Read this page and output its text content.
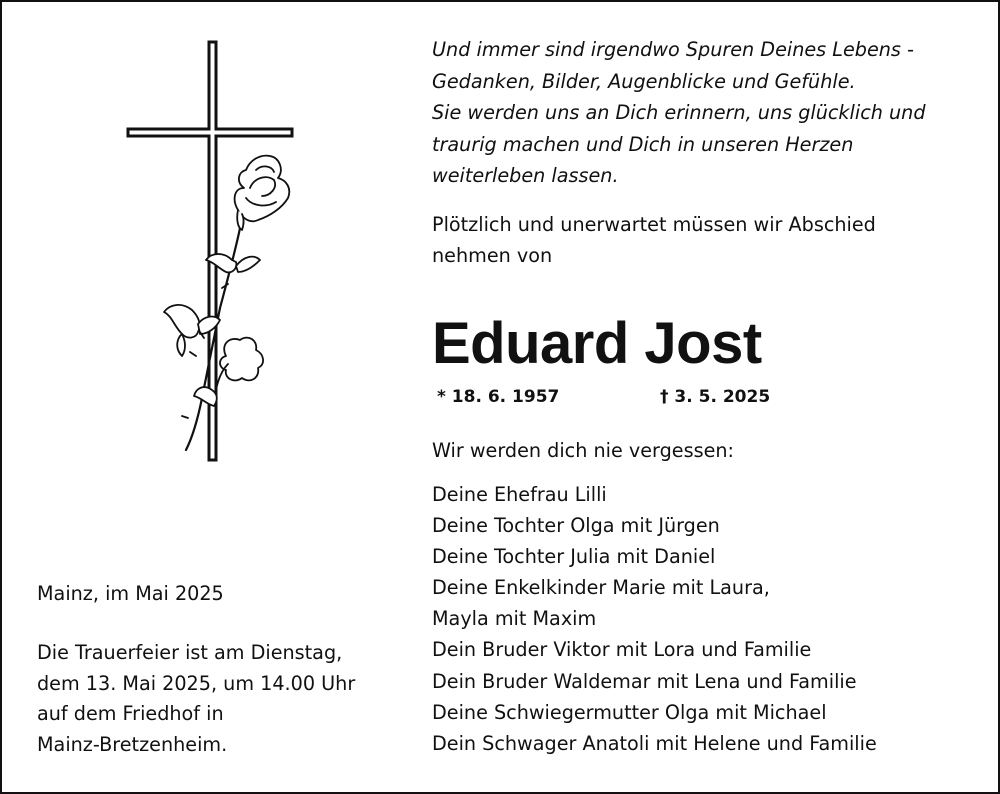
Und immer sind irgendwo Spuren Deines Lebens -
Gedanken, Bilder, Augenblicke und Gefühle.
Sie werden uns an Dich erinnern, uns glücklich und
traurig machen und Dich in unseren Herzen
weiterleben lassen.
Plötzlich und unerwartet müssen wir Abschied
nehmen von
Eduard Jost
* 18. 6. 1957	† 3. 5. 2025
Wir werden dich nie vergessen:
Deine Ehefrau Lilli
Deine Tochter Olga mit Jürgen
Deine Tochter Julia mit Daniel
Deine Enkelkinder Marie mit Laura,
Mayla mit Maxim
Dein Bruder Viktor mit Lora und Familie
Dein Bruder Waldemar mit Lena und Familie
Deine Schwiegermutter Olga mit Michael
Dein Schwager Anatoli mit Helene und Familie
Mainz, im Mai 2025
Die Trauerfeier ist am Dienstag,
dem 13. Mai 2025, um 14.00 Uhr
auf dem Friedhof in
Mainz-Bretzenheim.
